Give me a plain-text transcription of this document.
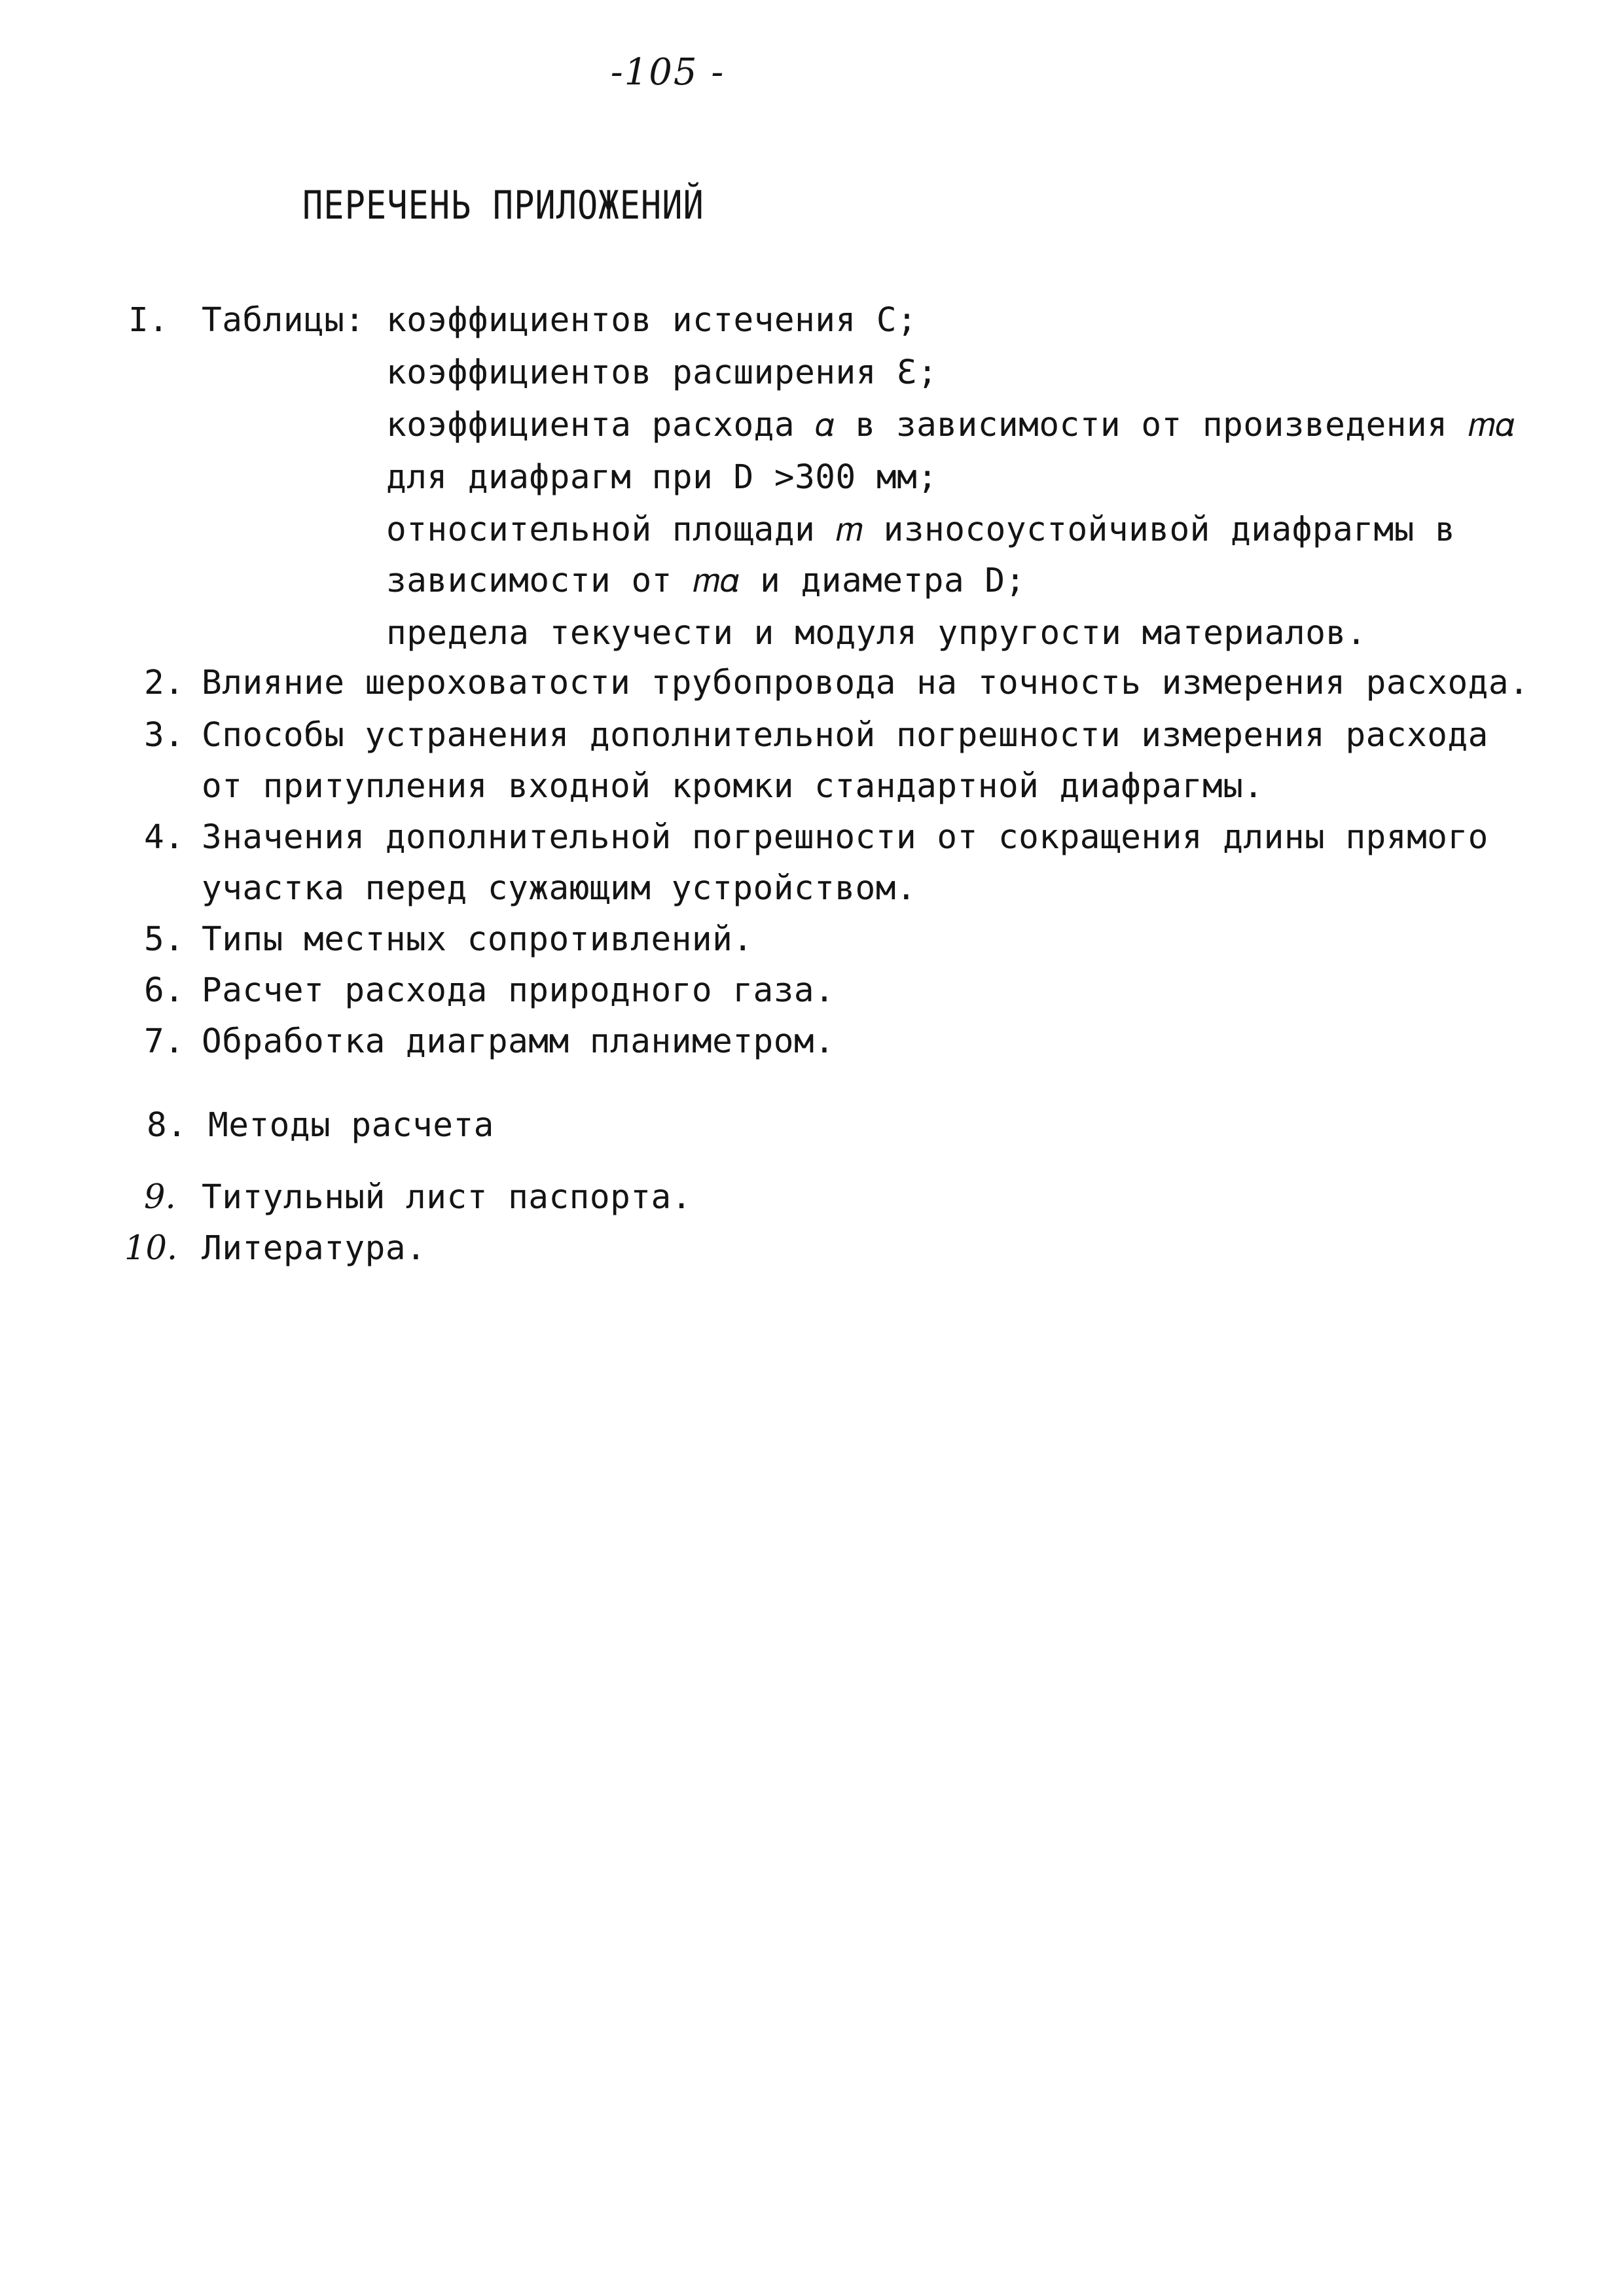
-105 -
ПЕРЕЧЕНЬ ПРИЛОЖЕНИЙ
I. Таблицы: коэффициентов истечения С;
коэффициентов расширения Ɛ;
коэффициента расхода 𝛼 в зависимости от произведения 𝑚𝛼
для диафрагм при D >300 мм;
относительной площади 𝑚 износоустойчивой диафрагмы в
зависимости от 𝑚𝛼 и диаметра D;
предела текучести и модуля упругости материалов.
2. Влияние шероховатости трубопровода на точность измерения расхода.
3. Способы устранения дополнительной погрешности измерения расхода
от притупления входной кромки стандартной диафрагмы.
4. Значения дополнительной погрешности от сокращения длины прямого
участка перед сужающим устройством.
5. Типы местных сопротивлений.
6. Расчет расхода природного газа.
7. Обработка диаграмм планиметром.
8. Методы расчета
9. Титульный лист паспорта.
10. Литература.
